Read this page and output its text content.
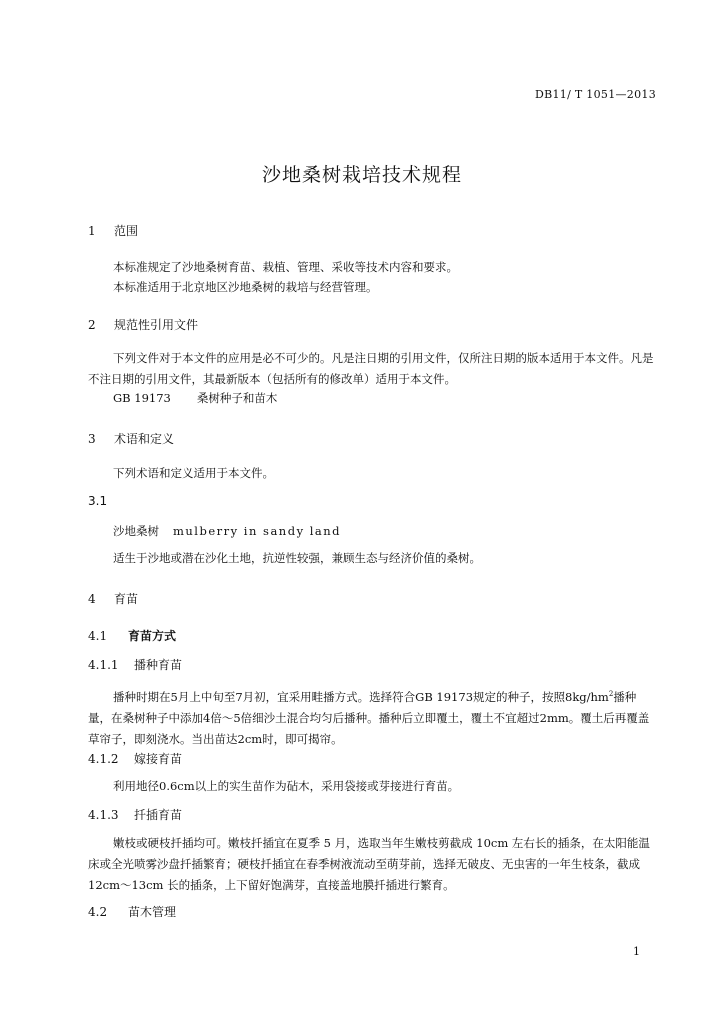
DB11/ T 1051—2013
沙地桑树栽培技术规程
1 范围
本标准规定了沙地桑树育苗、栽植、管理、采收等技术内容和要求。
本标准适用于北京地区沙地桑树的栽培与经营管理。
2 规范性引用文件
下列文件对于本文件的应用是必不可少的。凡是注日期的引用文件，仅所注日期的版本适用于本文件。凡是不注日期的引用文件，其最新版本（包括所有的修改单）适用于本文件。
GB 19173 桑树种子和苗木
3 术语和定义
下列术语和定义适用于本文件。
3.1
沙地桑树 mulberry in sandy land
适生于沙地或潜在沙化土地，抗逆性较强，兼顾生态与经济价值的桑树。
4 育苗
4.1 育苗方式
4.1.1 播种育苗
播种时期在5月上中旬至7月初，宜采用畦播方式。选择符合GB 19173规定的种子，按照$8kg/hm^2$播种量，在桑树种子中添加4倍～5倍细沙土混合均匀后播种。播种后立即覆土，覆土不宜超过2mm。覆土后再覆盖草帘子，即刻浇水。当出苗达2cm时，即可揭帘。
4.1.2 嫁接育苗
利用地径0.6cm以上的实生苗作为砧木，采用袋接或芽接进行育苗。
4.1.3 扦插育苗
嫩枝或硬枝扦插均可。嫩枝扦插宜在夏季 5 月，选取当年生嫩枝剪截成 10cm 左右长的插条，在太阳能温床或全光喷雾沙盘扦插繁育；硬枝扦插宜在春季树液流动至萌芽前，选择无破皮、无虫害的一年生枝条，截成 12cm～13cm 长的插条，上下留好饱满芽，直接盖地膜扦插进行繁育。
4.2 苗木管理
1
